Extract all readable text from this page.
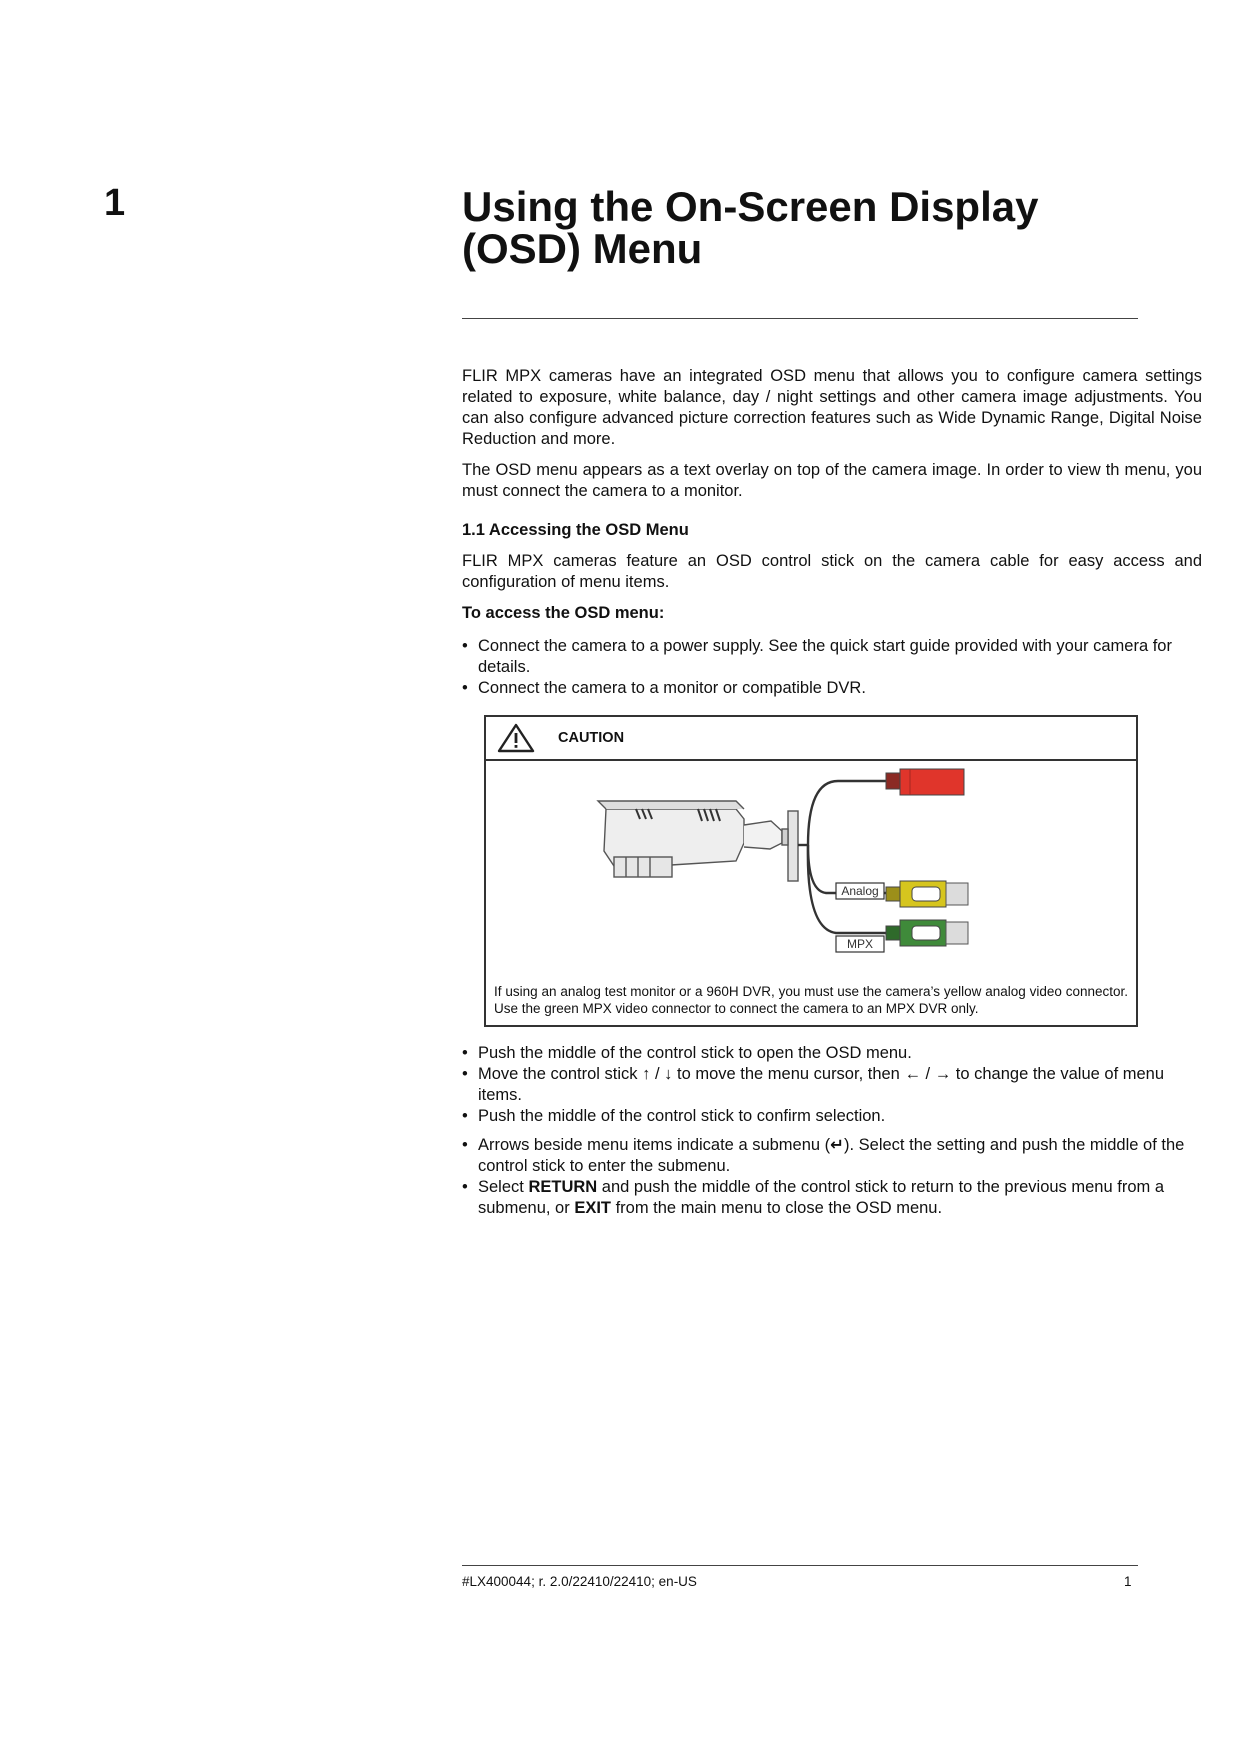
1	Using the On-Screen Display
(OSD) Menu

FLIR MPX cameras have an integrated OSD menu that allows you to configure camera settings related to exposure, white balance, day / night settings and other camera image adjustments. You can also configure advanced picture correction features such as Wide Dynamic Range, Digital Noise Reduction and more.

The OSD menu appears as a text overlay on top of the camera image. In order to view th menu, you must connect the camera to a monitor.

1.1 Accessing the OSD Menu

FLIR MPX cameras feature an OSD control stick on the camera cable for easy access and configuration of menu items.

To access the OSD menu:

• Connect the camera to a power supply. See the quick start guide provided with your camera for details.
• Connect the camera to a monitor or compatible DVR.
CAUTION
Analog
MPX

If using an analog test monitor or a 960H DVR, you must use the camera’s yellow analog video connector. Use the green MPX video connector to connect the camera to an MPX DVR only.

• Push the middle of the control stick to open the OSD menu.
• Move the control stick ↑ / ↓ to move the menu cursor, then ← / → to change the value of menu items.
• Push the middle of the control stick to confirm selection.
• Arrows beside menu items indicate a submenu (↵). Select the setting and push the middle of the control stick to enter the submenu.
• Select RETURN and push the middle of the control stick to return to the previous menu from a submenu, or EXIT from the main menu to close the OSD menu.
#LX400044; r. 2.0/22410/22410; en-US	1
